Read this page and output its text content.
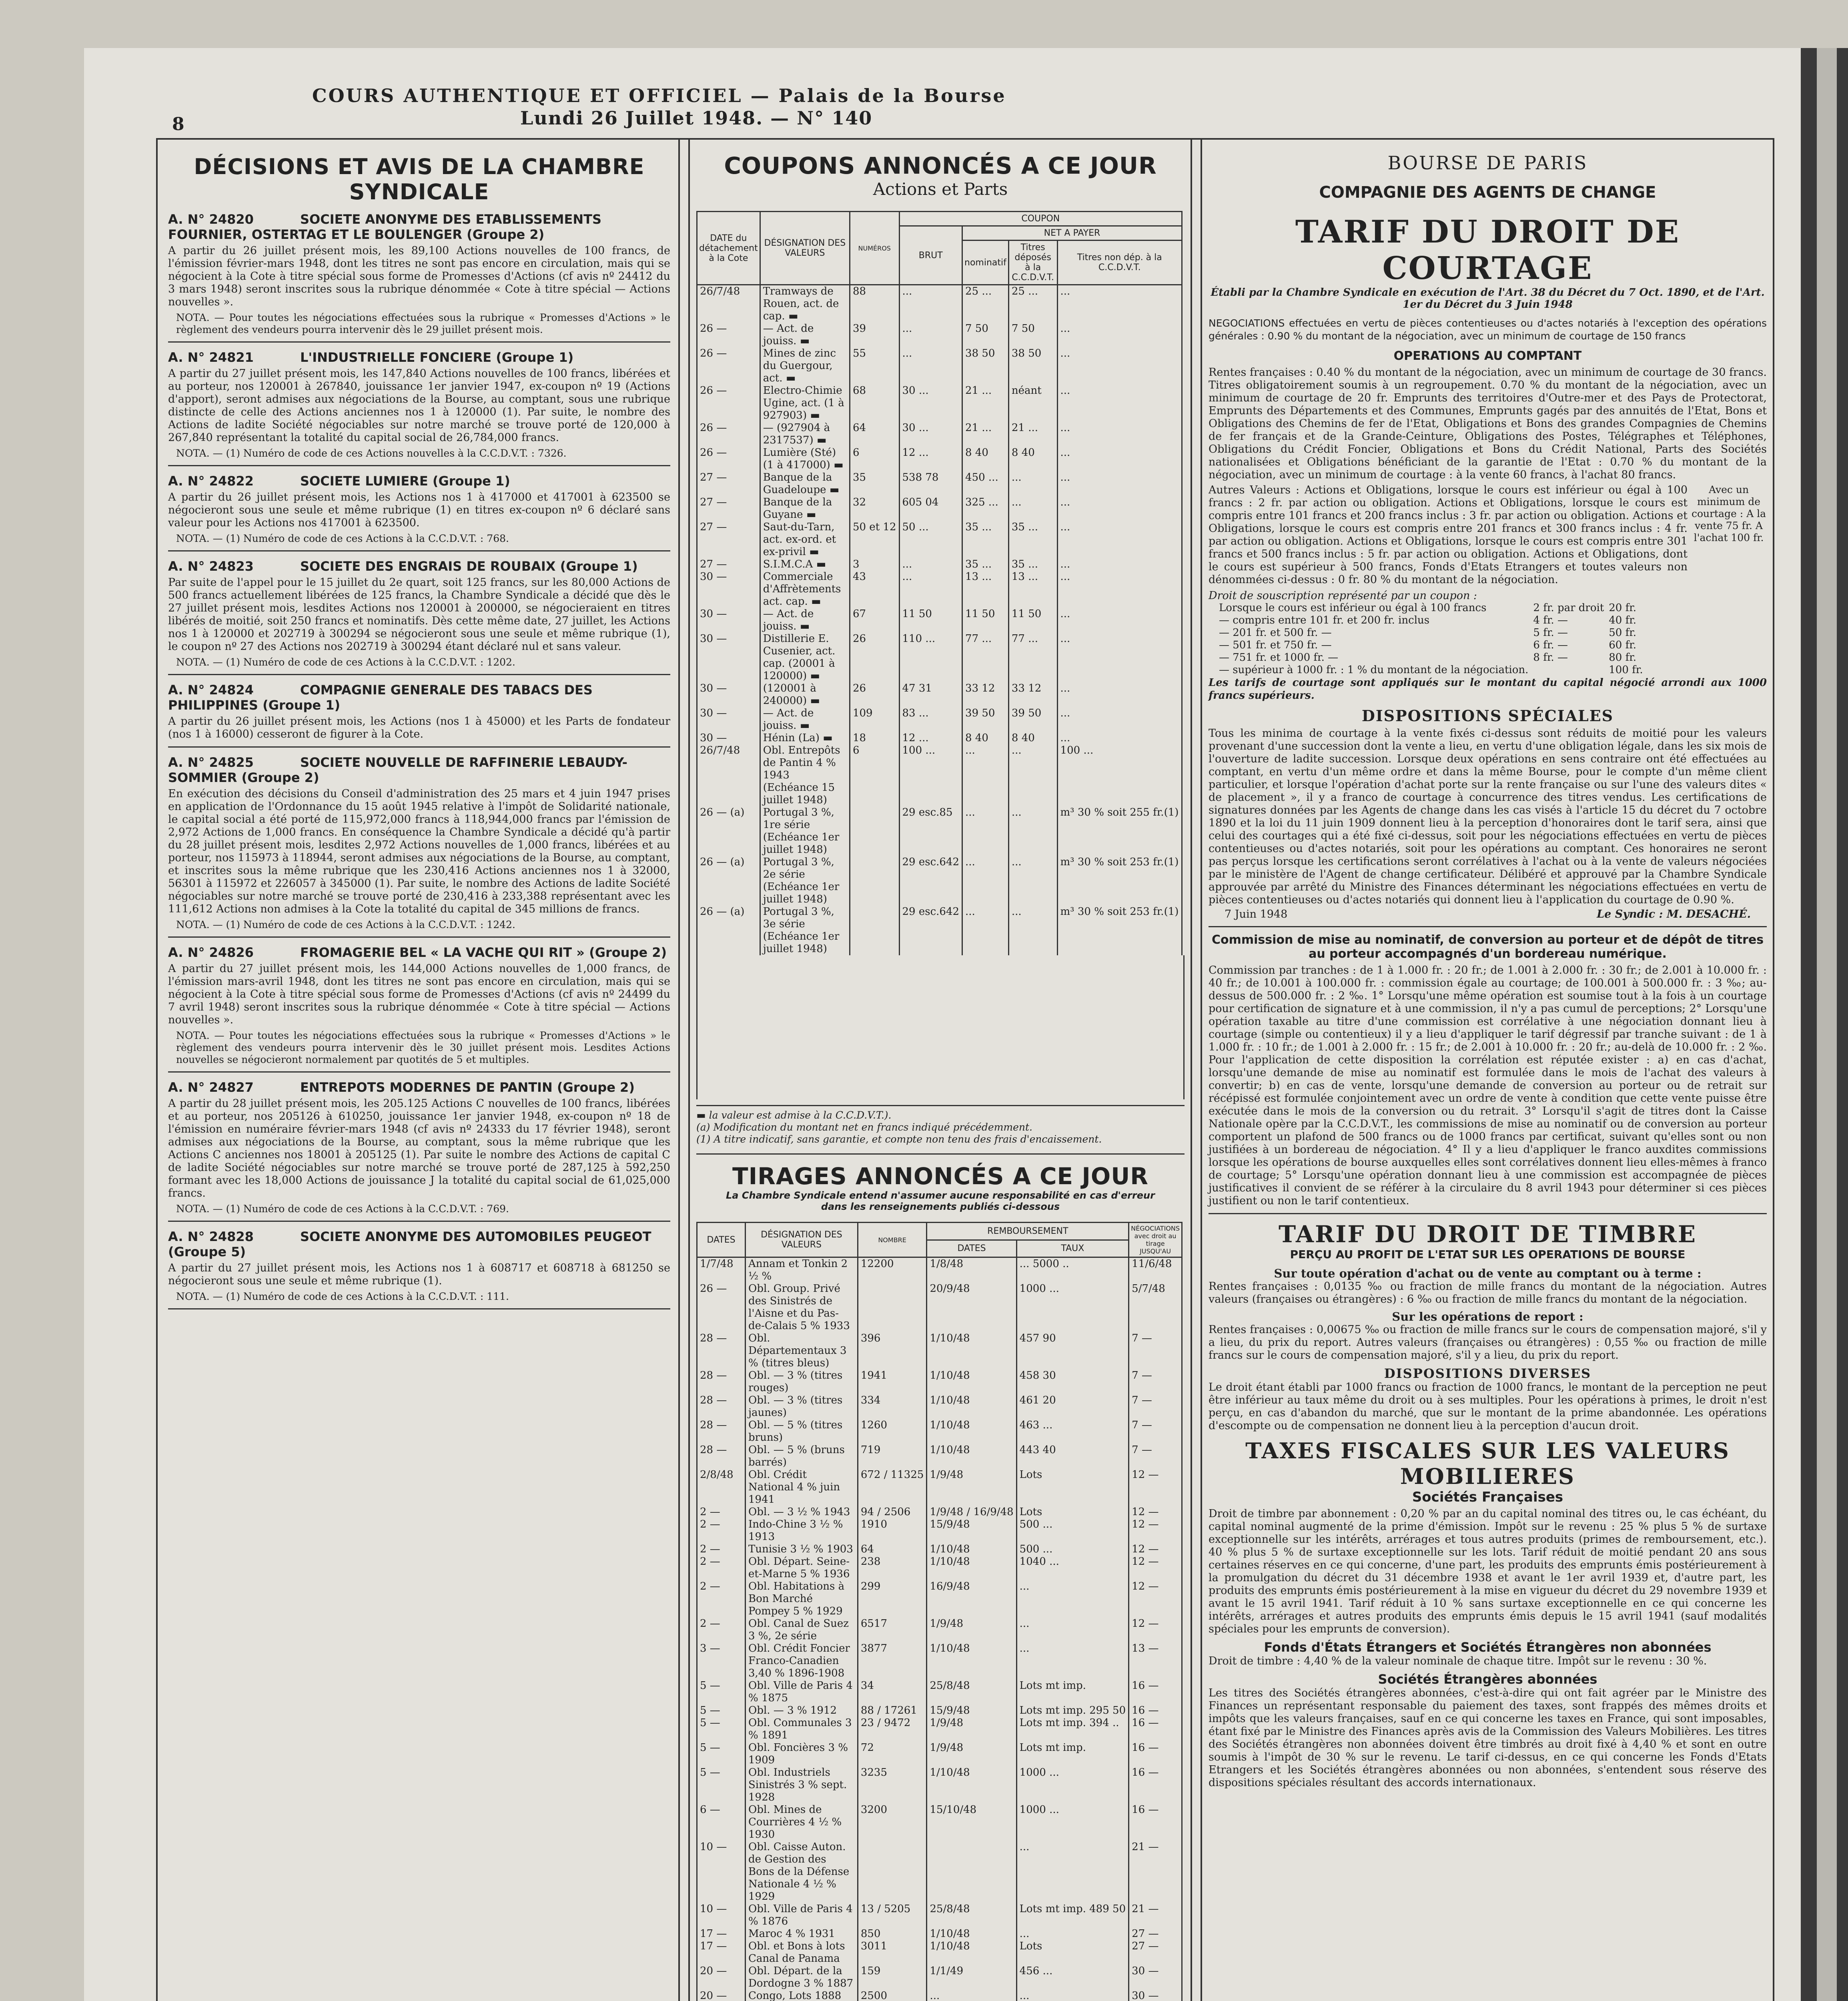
8
COURS AUTHENTIQUE ET OFFICIEL — Palais de la Bourse
Lundi 26 Juillet 1948. — N° 140
DÉCISIONS ET AVIS DE LA CHAMBRE SYNDICALE
A. N° 24820	SOCIETE ANONYME DES ETABLISSEMENTS FOURNIER, OSTERTAG ET LE BOULENGER (Groupe 2)
A partir du 26 juillet présent mois, les 89,100 Actions nouvelles de 100 francs, de l'émission février-mars 1948, dont les titres ne sont pas encore en circulation, mais qui se négocient à la Cote à titre spécial sous forme de Promesses d'Actions (cf avis nº 24412 du 3 mars 1948) seront inscrites sous la rubrique dénommée « Cote à titre spécial — Actions nouvelles ».
NOTA. — Pour toutes les négociations effectuées sous la rubrique « Promesses d'Actions » le règlement des vendeurs pourra intervenir dès le 29 juillet présent mois.
A. N° 24821	L'INDUSTRIELLE FONCIERE (Groupe 1)
A partir du 27 juillet présent mois, les 147,840 Actions nouvelles de 100 francs, libérées et au porteur, nos 120001 à 267840, jouissance 1er janvier 1947, ex-coupon nº 19 (Actions d'apport), seront admises aux négociations de la Bourse, au comptant, sous une rubrique distincte de celle des Actions anciennes nos 1 à 120000 (1). Par suite, le nombre des Actions de ladite Société négociables sur notre marché se trouve porté de 120,000 à 267,840 représentant la totalité du capital social de 26,784,000 francs.
NOTA. — (1) Numéro de code de ces Actions nouvelles à la C.C.D.V.T. : 7326.
A. N° 24822	SOCIETE LUMIERE (Groupe 1)
A partir du 26 juillet présent mois, les Actions nos 1 à 417000 et 417001 à 623500 se négocieront sous une seule et même rubrique (1) en titres ex-coupon nº 6 déclaré sans valeur pour les Actions nos 417001 à 623500.
NOTA. — (1) Numéro de code de ces Actions à la C.C.D.V.T. : 768.
A. N° 24823	SOCIETE DES ENGRAIS DE ROUBAIX (Groupe 1)
Par suite de l'appel pour le 15 juillet du 2e quart, soit 125 francs, sur les 80,000 Actions de 500 francs actuellement libérées de 125 francs, la Chambre Syndicale a décidé que dès le 27 juillet présent mois, lesdites Actions nos 120001 à 200000, se négocieraient en titres libérés de moitié, soit 250 francs et nominatifs. Dès cette même date, 27 juillet, les Actions nos 1 à 120000 et 202719 à 300294 se négocieront sous une seule et même rubrique (1), le coupon nº 27 des Actions nos 202719 à 300294 étant déclaré nul et sans valeur.
NOTA. — (1) Numéro de code de ces Actions à la C.C.D.V.T. : 1202.
A. N° 24824	COMPAGNIE GENERALE DES TABACS DES PHILIPPINES (Groupe 1)
A partir du 26 juillet présent mois, les Actions (nos 1 à 45000) et les Parts de fondateur (nos 1 à 16000) cesseront de figurer à la Cote.
A. N° 24825	SOCIETE NOUVELLE DE RAFFINERIE LEBAUDY-SOMMIER (Groupe 2)
En exécution des décisions du Conseil d'administration des 25 mars et 4 juin 1947 prises en application de l'Ordonnance du 15 août 1945 relative à l'impôt de Solidarité nationale, le capital social a été porté de 115,972,000 francs à 118,944,000 francs par l'émission de 2,972 Actions de 1,000 francs. En conséquence la Chambre Syndicale a décidé qu'à partir du 28 juillet présent mois, lesdites 2,972 Actions nouvelles de 1,000 francs, libérées et au porteur, nos 115973 à 118944, seront admises aux négociations de la Bourse, au comptant, et inscrites sous la même rubrique que les 230,416 Actions anciennes nos 1 à 32000, 56301 à 115972 et 226057 à 345000 (1). Par suite, le nombre des Actions de ladite Société négociables sur notre marché se trouve porté de 230,416 à 233,388 représentant avec les 111,612 Actions non admises à la Cote la totalité du capital de 345 millions de francs.
NOTA. — (1) Numéro de code de ces Actions à la C.C.D.V.T. : 1242.
A. N° 24826	FROMAGERIE BEL « LA VACHE QUI RIT » (Groupe 2)
A partir du 27 juillet présent mois, les 144,000 Actions nouvelles de 1,000 francs, de l'émission mars-avril 1948, dont les titres ne sont pas encore en circulation, mais qui se négocient à la Cote à titre spécial sous forme de Promesses d'Actions (cf avis nº 24499 du 7 avril 1948) seront inscrites sous la rubrique dénommée « Cote à titre spécial — Actions nouvelles ».
NOTA. — Pour toutes les négociations effectuées sous la rubrique « Promesses d'Actions » le règlement des vendeurs pourra intervenir dès le 30 juillet présent mois. Lesdites Actions nouvelles se négocieront normalement par quotités de 5 et multiples.
A. N° 24827	ENTREPOTS MODERNES DE PANTIN (Groupe 2)
A partir du 28 juillet présent mois, les 205.125 Actions C nouvelles de 100 francs, libérées et au porteur, nos 205126 à 610250, jouissance 1er janvier 1948, ex-coupon nº 18 de l'émission en numéraire février-mars 1948 (cf avis nº 24333 du 17 février 1948), seront admises aux négociations de la Bourse, au comptant, sous la même rubrique que les Actions C anciennes nos 18001 à 205125 (1). Par suite le nombre des Actions de capital C de ladite Société négociables sur notre marché se trouve porté de 287,125 à 592,250 formant avec les 18,000 Actions de jouissance J la totalité du capital social de 61,025,000 francs.
NOTA. — (1) Numéro de code de ces Actions à la C.C.D.V.T. : 769.
A. N° 24828	SOCIETE ANONYME DES AUTOMOBILES PEUGEOT (Groupe 5)
A partir du 27 juillet présent mois, les Actions nos 1 à 608717 et 608718 à 681250 se négocieront sous une seule et même rubrique (1).
NOTA. — (1) Numéro de code de ces Actions à la C.C.D.V.T. : 111.
COUPONS ANNONCÉS A CE JOUR
Actions et Parts
DATE du détachement à la Cote	DÉSIGNATION DES VALEURS	NUMÉROS	COUPON			
			BRUT	NET A PAYER		
				nominatif	Titres déposés à la C.C.D.V.T.	Titres non dép. à la C.C.D.V.T.
26/7/48	Tramways de Rouen, act. de cap. ▬	88	...	25 ...	25 ...	...
26 —	— Act. de jouiss. ▬	39	...	7 50	7 50	...
26 —	Mines de zinc du Guergour, act. ▬	55	...	38 50	38 50	...
26 —	Electro-Chimie Ugine, act. (1 à 927903) ▬	68	30 ...	21 ...	néant	...
26 —	— (927904 à 2317537) ▬	64	30 ...	21 ...	21 ...	...
26 —	Lumière (Sté) (1 à 417000) ▬	6	12 ...	8 40	8 40	...
27 —	Banque de la Guadeloupe ▬	35	538 78	450 ...	...	...
27 —	Banque de la Guyane ▬	32	605 04	325 ...	...	...
27 —	Saut-du-Tarn, act. ex-ord. et ex-privil ▬	50 et 12	50 ...	35 ...	35 ...	...
27 —	S.I.M.C.A ▬	3	...	35 ...	35 ...	...
30 —	Commerciale d'Affrètements act. cap. ▬	43	...	13 ...	13 ...	...
30 —	— Act. de jouiss. ▬	67	11 50	11 50	11 50	...
30 —	Distillerie E. Cusenier, act. cap. (20001 à 120000) ▬	26	110 ...	77 ...	77 ...	...
30 —	(120001 à 240000) ▬	26	47 31	33 12	33 12	...
30 —	— Act. de jouiss. ▬	109	83 ...	39 50	39 50	...
30 —	Hénin (La) ▬	18	12 ...	8 40	8 40	...
26/7/48	Obl. Entrepôts de Pantin 4 % 1943 (Echéance 15 juillet 1948)	6	100 ...	...	...	100 ...
26 — (a)	Portugal 3 %, 1re série (Echéance 1er juillet 1948)		29 esc.85	...	...	m³ 30 % soit 255 fr.(1)
26 — (a)	Portugal 3 %, 2e série (Echéance 1er juillet 1948)		29 esc.642	...	...	m³ 30 % soit 253 fr.(1)
26 — (a)	Portugal 3 %, 3e série (Echéance 1er juillet 1948)		29 esc.642	...	...	m³ 30 % soit 253 fr.(1)
▬ la valeur est admise à la C.C.D.V.T.).
(a) Modification du montant net en francs indiqué précédemment.
(1) A titre indicatif, sans garantie, et compte non tenu des frais d'encaissement.
TIRAGES ANNONCÉS A CE JOUR
La Chambre Syndicale entend n'assumer aucune responsabilité en cas d'erreur dans les renseignements publiés ci-dessous
DATES	DÉSIGNATION DES VALEURS	NOMBRE	REMBOURSEMENT		NÉGOCIATIONS avec droit au tirage JUSQU'AU
			DATES	TAUX	
1/7/48	Annam et Tonkin 2 ½ %	12200	1/8/48	... 5000 ..	11/6/48
26 —	Obl. Group. Privé des Sinistrés de l'Aisne et du Pas-de-Calais 5 % 1933		20/9/48	1000 ...	5/7/48
28 —	Obl. Départementaux 3 % (titres bleus)	396	1/10/48	457 90	7 —
28 —	Obl. — 3 % (titres rouges)	1941	1/10/48	458 30	7 —
28 —	Obl. — 3 % (titres jaunes)	334	1/10/48	461 20	7 —
28 —	Obl. — 5 % (titres bruns)	1260	1/10/48	463 ...	7 —
28 —	Obl. — 5 % (bruns barrés)	719	1/10/48	443 40	7 —
2/8/48	Obl. Crédit National 4 % juin 1941	672 / 11325	1/9/48	Lots	12 —
2 —	Obl. — 3 ½ % 1943	94 / 2506	1/9/48 / 16/9/48	Lots	12 —
2 —	Indo-Chine 3 ½ % 1913	1910	15/9/48	500 ...	12 —
2 —	Tunisie 3 ½ % 1903	64	1/10/48	500 ...	12 —
2 —	Obl. Départ. Seine-et-Marne 5 % 1936	238	1/10/48	1040 ...	12 —
2 —	Obl. Habitations à Bon Marché Pompey 5 % 1929	299	16/9/48	...	12 —
2 —	Obl. Canal de Suez 3 %, 2e série	6517	1/9/48	...	12 —
3 —	Obl. Crédit Foncier Franco-Canadien 3,40 % 1896-1908	3877	1/10/48	...	13 —
5 —	Obl. Ville de Paris 4 % 1875	34	25/8/48	Lots mt imp.	16 —
5 —	Obl. — 3 % 1912	88 / 17261	15/9/48	Lots mt imp. 295 50	16 —
5 —	Obl. Communales 3 % 1891	23 / 9472	1/9/48	Lots mt imp. 394 ..	16 —
5 —	Obl. Foncières 3 % 1909	72	1/9/48	Lots mt imp.	16 —
5 —	Obl. Industriels Sinistrés 3 % sept. 1928	3235	1/10/48	1000 ...	16 —
6 —	Obl. Mines de Courrières 4 ½ % 1930	3200	15/10/48	1000 ...	16 —
10 —	Obl. Caisse Auton. de Gestion des Bons de la Défense Nationale 4 ½ % 1929			...	21 —
10 —	Obl. Ville de Paris 4 % 1876	13 / 5205	25/8/48	Lots mt imp. 489 50	21 —
17 —	Maroc 4 % 1931	850	1/10/48	...	27 —
17 —	Obl. et Bons à lots Canal de Panama	3011	1/10/48	Lots	27 —
20 —	Obl. Départ. de la Dordogne 3 % 1887	159	1/1/49	456 ...	30 —
20 —	Congo, Lots 1888	2500	...	...	30 —
BOURSE DE PARIS
COMPAGNIE DES AGENTS DE CHANGE
TARIF DU DROIT DE COURTAGE
Établi par la Chambre Syndicale en exécution de l'Art. 38 du Décret du 7 Oct. 1890, et de l'Art. 1er du Décret du 3 Juin 1948
NEGOCIATIONS effectuées en vertu de pièces contentieuses ou d'actes notariés à l'exception des opérations générales : 0.90 % du montant de la négociation, avec un minimum de courtage de 150 francs
OPERATIONS AU COMPTANT
Rentes françaises : 0.40 % du montant de la négociation, avec un minimum de courtage de 30 francs. Titres obligatoirement soumis à un regroupement. 0.70 % du montant de la négociation, avec un minimum de courtage de 20 fr. Emprunts des territoires d'Outre-mer et des Pays de Protectorat, Emprunts des Départements et des Communes, Emprunts gagés par des annuités de l'Etat, Bons et Obligations des Chemins de fer de l'Etat, Obligations et Bons des grandes Compagnies de Chemins de fer français et de la Grande-Ceinture, Obligations des Postes, Télégraphes et Téléphones, Obligations du Crédit Foncier, Obligations et Bons du Crédit National, Parts des Sociétés nationalisées et Obligations bénéficiant de la garantie de l'Etat : 0.70 % du montant de la négociation, avec un minimum de courtage : à la vente 60 francs, à l'achat 80 francs.
Autres Valeurs : Actions et Obligations, lorsque le cours est inférieur ou égal à 100 francs : 2 fr. par action ou obligation. Actions et Obligations, lorsque le cours est compris entre 101 francs et 200 francs inclus : 3 fr. par action ou obligation. Actions et Obligations, lorsque le cours est compris entre 201 francs et 300 francs inclus : 4 fr. par action ou obligation. Actions et Obligations, lorsque le cours est compris entre 301 francs et 500 francs inclus : 5 fr. par action ou obligation. Actions et Obligations, dont le cours est supérieur à 500 francs, Fonds d'Etats Etrangers et toutes valeurs non dénommées ci-dessus : 0 fr. 80 % du montant de la négociation.
Avec un minimum de courtage : A la vente 75 fr. A l'achat 100 fr.
Droit de souscription représenté par un coupon :
Lorsque le cours est inférieur ou égal à 100 francs	2 fr. par droit	20 fr.
— compris entre 101 fr. et 200 fr. inclus	4 fr. —	40 fr.
— 201 fr. et 500 fr. —	5 fr. —	50 fr.
— 501 fr. et 750 fr. —	6 fr. —	60 fr.
— 751 fr. et 1000 fr. —	8 fr. —	80 fr.
— supérieur à 1000 fr. : 1 % du montant de la négociation.		100 fr.
Les tarifs de courtage sont appliqués sur le montant du capital négocié arrondi aux 1000 francs supérieurs.
DISPOSITIONS SPÉCIALES
Tous les minima de courtage à la vente fixés ci-dessus sont réduits de moitié pour les valeurs provenant d'une succession dont la vente a lieu, en vertu d'une obligation légale, dans les six mois de l'ouverture de ladite succession. Lorsque deux opérations en sens contraire ont été effectuées au comptant, en vertu d'un même ordre et dans la même Bourse, pour le compte d'un même client particulier, et lorsque l'opération d'achat porte sur la rente française ou sur l'une des valeurs dites « de placement », il y a franco de courtage à concurrence des titres vendus. Les certifications de signatures données par les Agents de change dans les cas visés à l'article 15 du décret du 7 octobre 1890 et la loi du 11 juin 1909 donnent lieu à la perception d'honoraires dont le tarif sera, ainsi que celui des courtages qui a été fixé ci-dessus, soit pour les négociations effectuées en vertu de pièces contentieuses ou d'actes notariés, soit pour les opérations au comptant. Ces honoraires ne seront pas perçus lorsque les certifications seront corrélatives à l'achat ou à la vente de valeurs négociées par le ministère de l'Agent de change certificateur. Délibéré et approuvé par la Chambre Syndicale approuvée par arrêté du Ministre des Finances déterminant les négociations effectuées en vertu de pièces contentieuses ou d'actes notariés qui donnent lieu à l'application du courtage de 0.90 %.
7 Juin 1948	Le Syndic : M. DESACHÉ.
Commission de mise au nominatif, de conversion au porteur et de dépôt de titres au porteur accompagnés d'un bordereau numérique.
Commission par tranches : de 1 à 1.000 fr. : 20 fr.; de 1.001 à 2.000 fr. : 30 fr.; de 2.001 à 10.000 fr. : 40 fr.; de 10.001 à 100.000 fr. : commission égale au courtage; de 100.001 à 500.000 fr. : 3 ‰; au-dessus de 500.000 fr. : 2 ‰. 1° Lorsqu'une même opération est soumise tout à la fois à un courtage pour certification de signature et à une commission, il n'y a pas cumul de perceptions; 2° Lorsqu'une opération taxable au titre d'une commission est corrélative à une négociation donnant lieu à courtage (simple ou contentieux) il y a lieu d'appliquer le tarif dégressif par tranche suivant : de 1 à 1.000 fr. : 10 fr.; de 1.001 à 2.000 fr. : 15 fr.; de 2.001 à 10.000 fr. : 20 fr.; au-delà de 10.000 fr. : 2 ‰. Pour l'application de cette disposition la corrélation est réputée exister : a) en cas d'achat, lorsqu'une demande de mise au nominatif est formulée dans le mois de l'achat des valeurs à convertir; b) en cas de vente, lorsqu'une demande de conversion au porteur ou de retrait sur récépissé est formulée conjointement avec un ordre de vente à condition que cette vente puisse être exécutée dans le mois de la conversion ou du retrait. 3° Lorsqu'il s'agit de titres dont la Caisse Nationale opère par la C.C.D.V.T., les commissions de mise au nominatif ou de conversion au porteur comportent un plafond de 500 francs ou de 1000 francs par certificat, suivant qu'elles sont ou non justifiées à un bordereau de négociation. 4° Il y a lieu d'appliquer le franco auxdites commissions lorsque les opérations de bourse auxquelles elles sont corrélatives donnent lieu elles-mêmes à franco de courtage; 5° Lorsqu'une opération donnant lieu à une commission est accompagnée de pièces justificatives il convient de se référer à la circulaire du 8 avril 1943 pour déterminer si ces pièces justifient ou non le tarif contentieux.
TARIF DU DROIT DE TIMBRE
PERÇU AU PROFIT DE L'ETAT SUR LES OPERATIONS DE BOURSE
Sur toute opération d'achat ou de vente au comptant ou à terme :
Rentes françaises : 0,0135 ‰ ou fraction de mille francs du montant de la négociation. Autres valeurs (françaises ou étrangères) : 6 ‰ ou fraction de mille francs du montant de la négociation.
Sur les opérations de report :
Rentes françaises : 0,00675 ‰ ou fraction de mille francs sur le cours de compensation majoré, s'il y a lieu, du prix du report. Autres valeurs (françaises ou étrangères) : 0,55 ‰ ou fraction de mille francs sur le cours de compensation majoré, s'il y a lieu, du prix du report.
DISPOSITIONS DIVERSES
Le droit étant établi par 1000 francs ou fraction de 1000 francs, le montant de la perception ne peut être inférieur au taux même du droit ou à ses multiples. Pour les opérations à primes, le droit n'est perçu, en cas d'abandon du marché, que sur le montant de la prime abandonnée. Les opérations d'escompte ou de compensation ne donnent lieu à la perception d'aucun droit.
TAXES FISCALES SUR LES VALEURS MOBILIERES
Sociétés Françaises
Droit de timbre par abonnement : 0,20 % par an du capital nominal des titres ou, le cas échéant, du capital nominal augmenté de la prime d'émission. Impôt sur le revenu : 25 % plus 5 % de surtaxe exceptionnelle sur les intérêts, arrérages et tous autres produits (primes de remboursement, etc.). 40 % plus 5 % de surtaxe exceptionnelle sur les lots. Tarif réduit de moitié pendant 20 ans sous certaines réserves en ce qui concerne, d'une part, les produits des emprunts émis postérieurement à la promulgation du décret du 31 décembre 1938 et avant le 1er avril 1939 et, d'autre part, les produits des emprunts émis postérieurement à la mise en vigueur du décret du 29 novembre 1939 et avant le 15 avril 1941. Tarif réduit à 10 % sans surtaxe exceptionnelle en ce qui concerne les intérêts, arrérages et autres produits des emprunts émis depuis le 15 avril 1941 (sauf modalités spéciales pour les emprunts de conversion).
Fonds d'États Étrangers et Sociétés Étrangères non abonnées
Droit de timbre : 4,40 % de la valeur nominale de chaque titre. Impôt sur le revenu : 30 %.
Sociétés Étrangères abonnées
Les titres des Sociétés étrangères abonnées, c'est-à-dire qui ont fait agréer par le Ministre des Finances un représentant responsable du paiement des taxes, sont frappés des mêmes droits et impôts que les valeurs françaises, sauf en ce qui concerne les taxes en France, qui sont imposables, étant fixé par le Ministre des Finances après avis de la Commission des Valeurs Mobilières. Les titres des Sociétés étrangères non abonnées doivent être timbrés au droit fixé à 4,40 % et sont en outre soumis à l'impôt de 30 % sur le revenu. Le tarif ci-dessus, en ce qui concerne les Fonds d'Etats Etrangers et les Sociétés étrangères abonnées ou non abonnées, s'entendent sous réserve des dispositions spéciales résultant des accords internationaux.
